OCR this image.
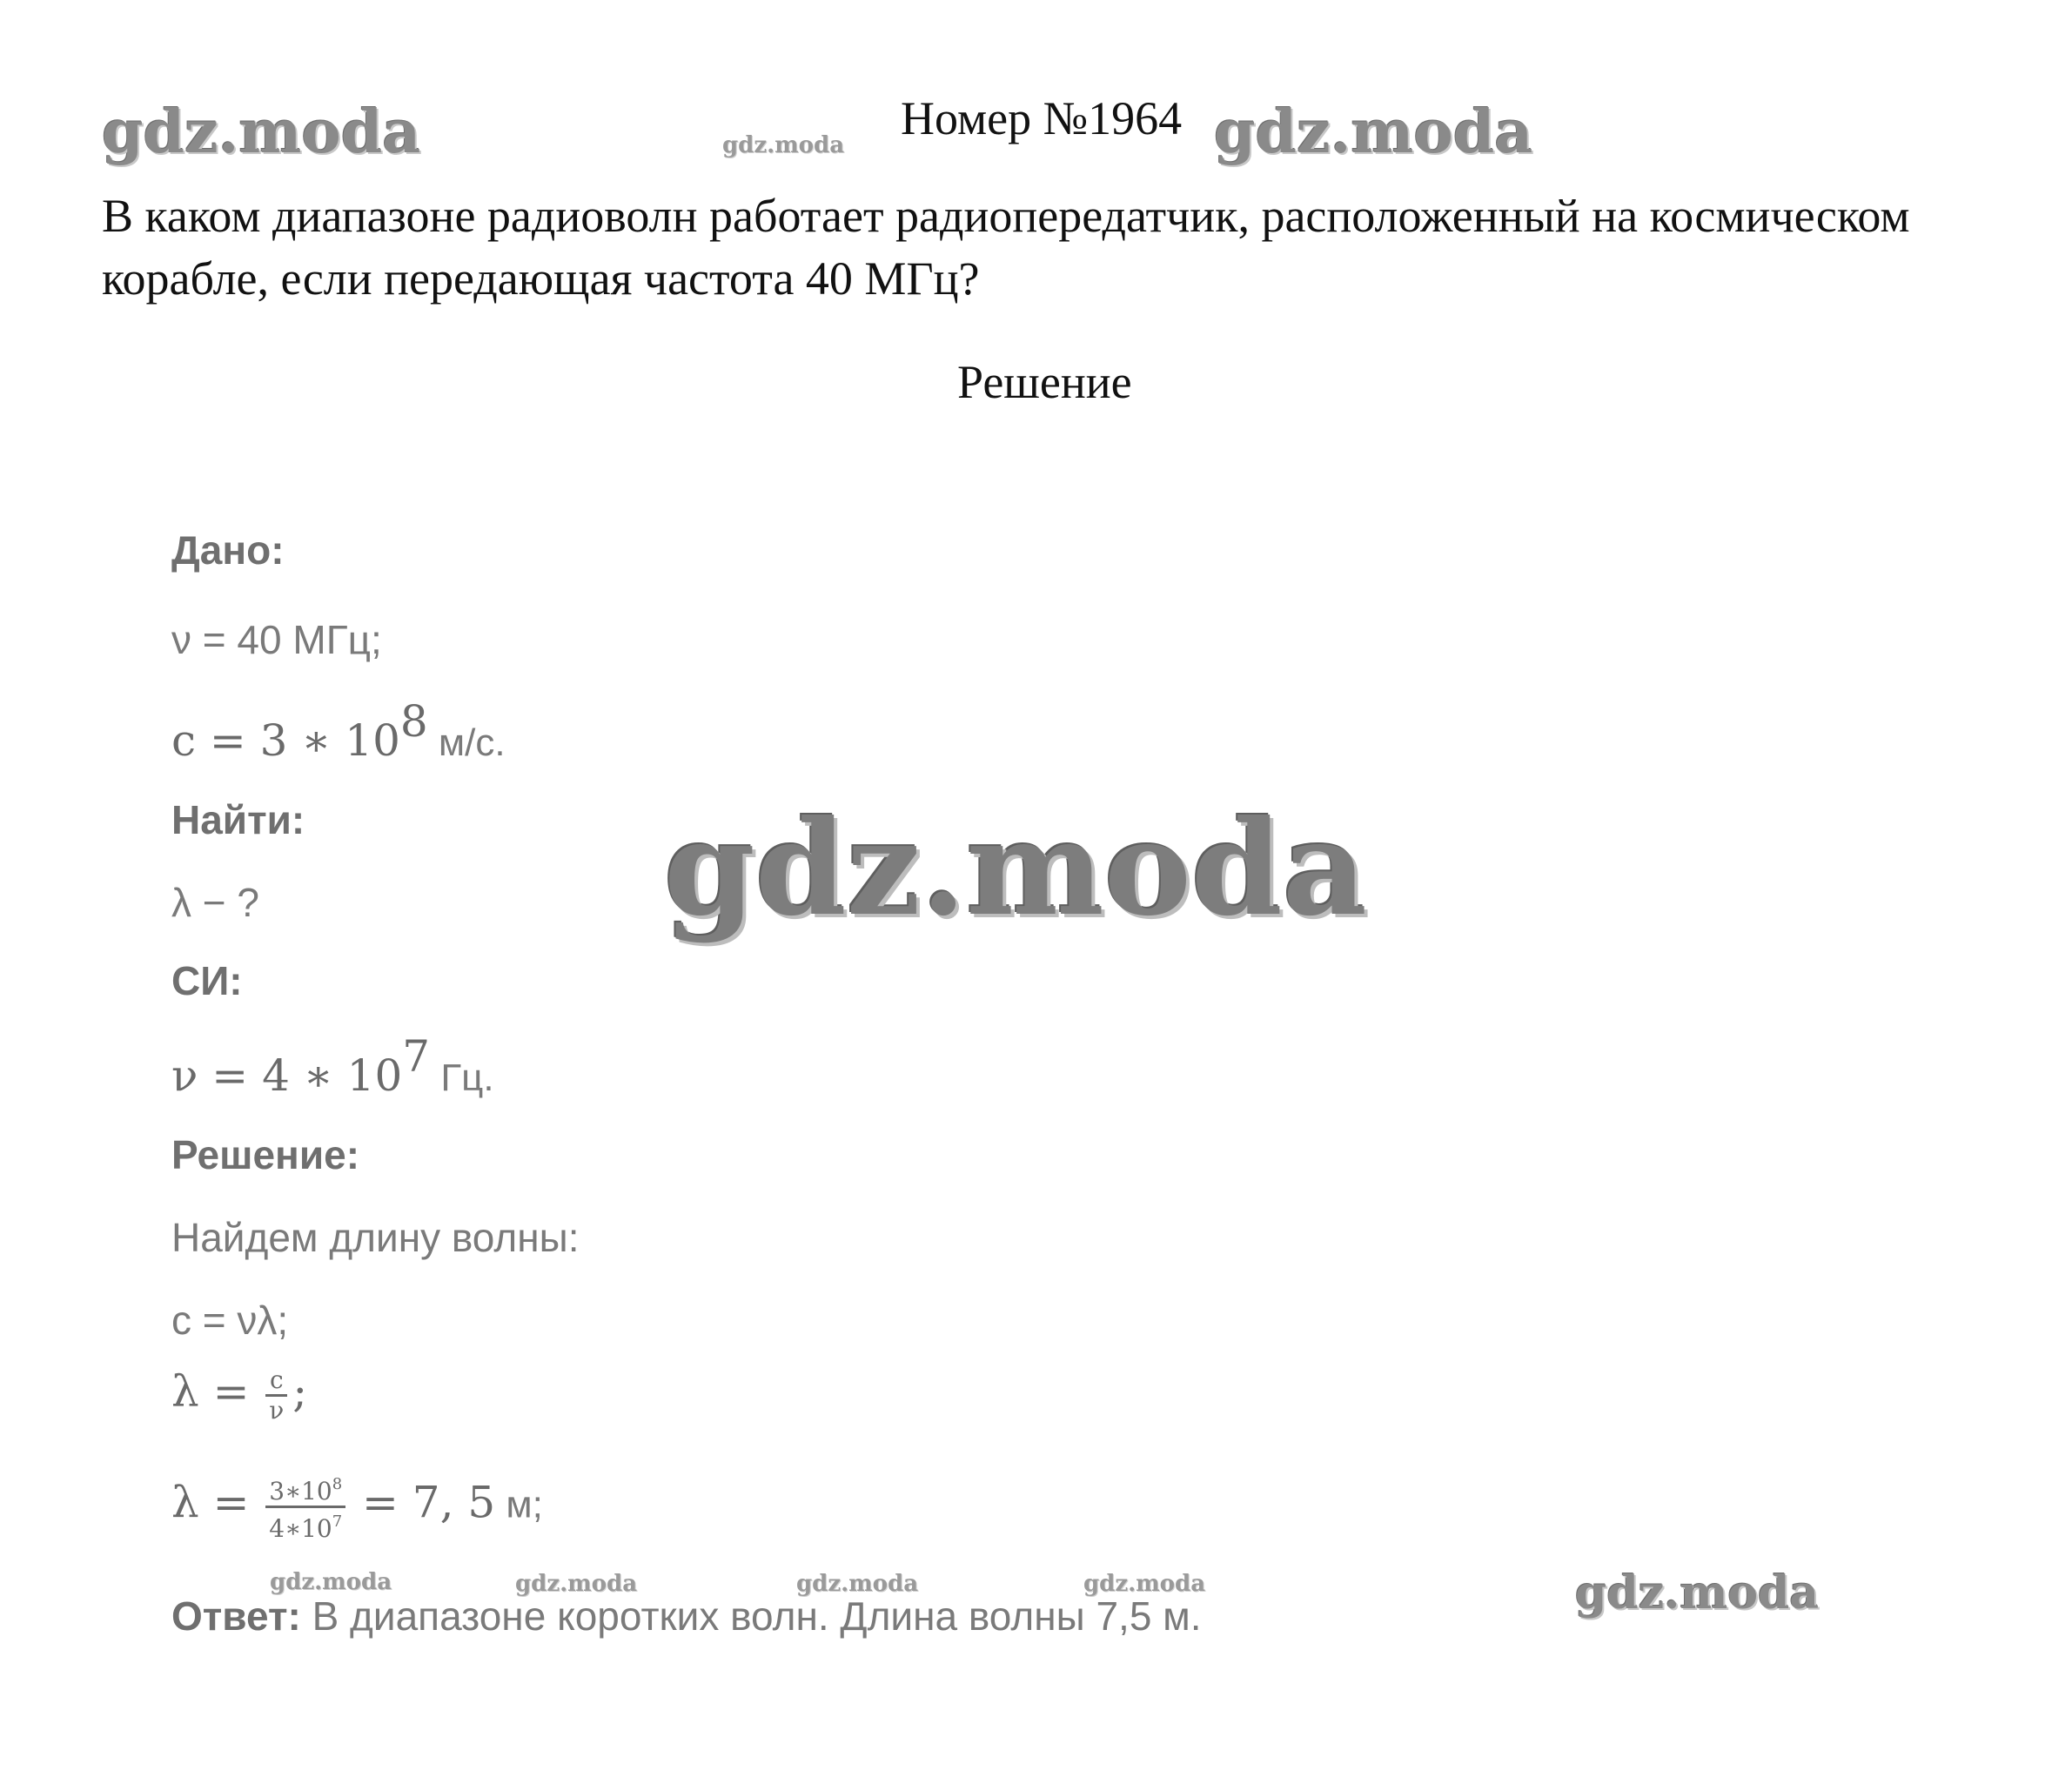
gdz.moda	gdz.moda	gdz.moda
gdz.moda
gdz.moda	gdz.moda	gdz.moda	gdz.moda	gdz.moda
Номер №1964
В каком диапазоне радиоволн работает радиопередатчик, расположенный на космическом корабле, если передающая частота 40 МГц?
Решение
Дано:
ν = 40 МГц;
c = 3 ∗ $10^8$ м/с.
Найти:
λ − ?
СИ:
ν = 4 ∗ $10^7$ Гц.
Решение:
Найдем длину волны:
c = νλ;
$\lambda = \frac{c}{\nu}$ ;
$\lambda = \frac{3∗10^8}{4∗10^7} = 7$, 5 м;
Ответ: В диапазоне коротких волн. Длина волны 7,5 м.
